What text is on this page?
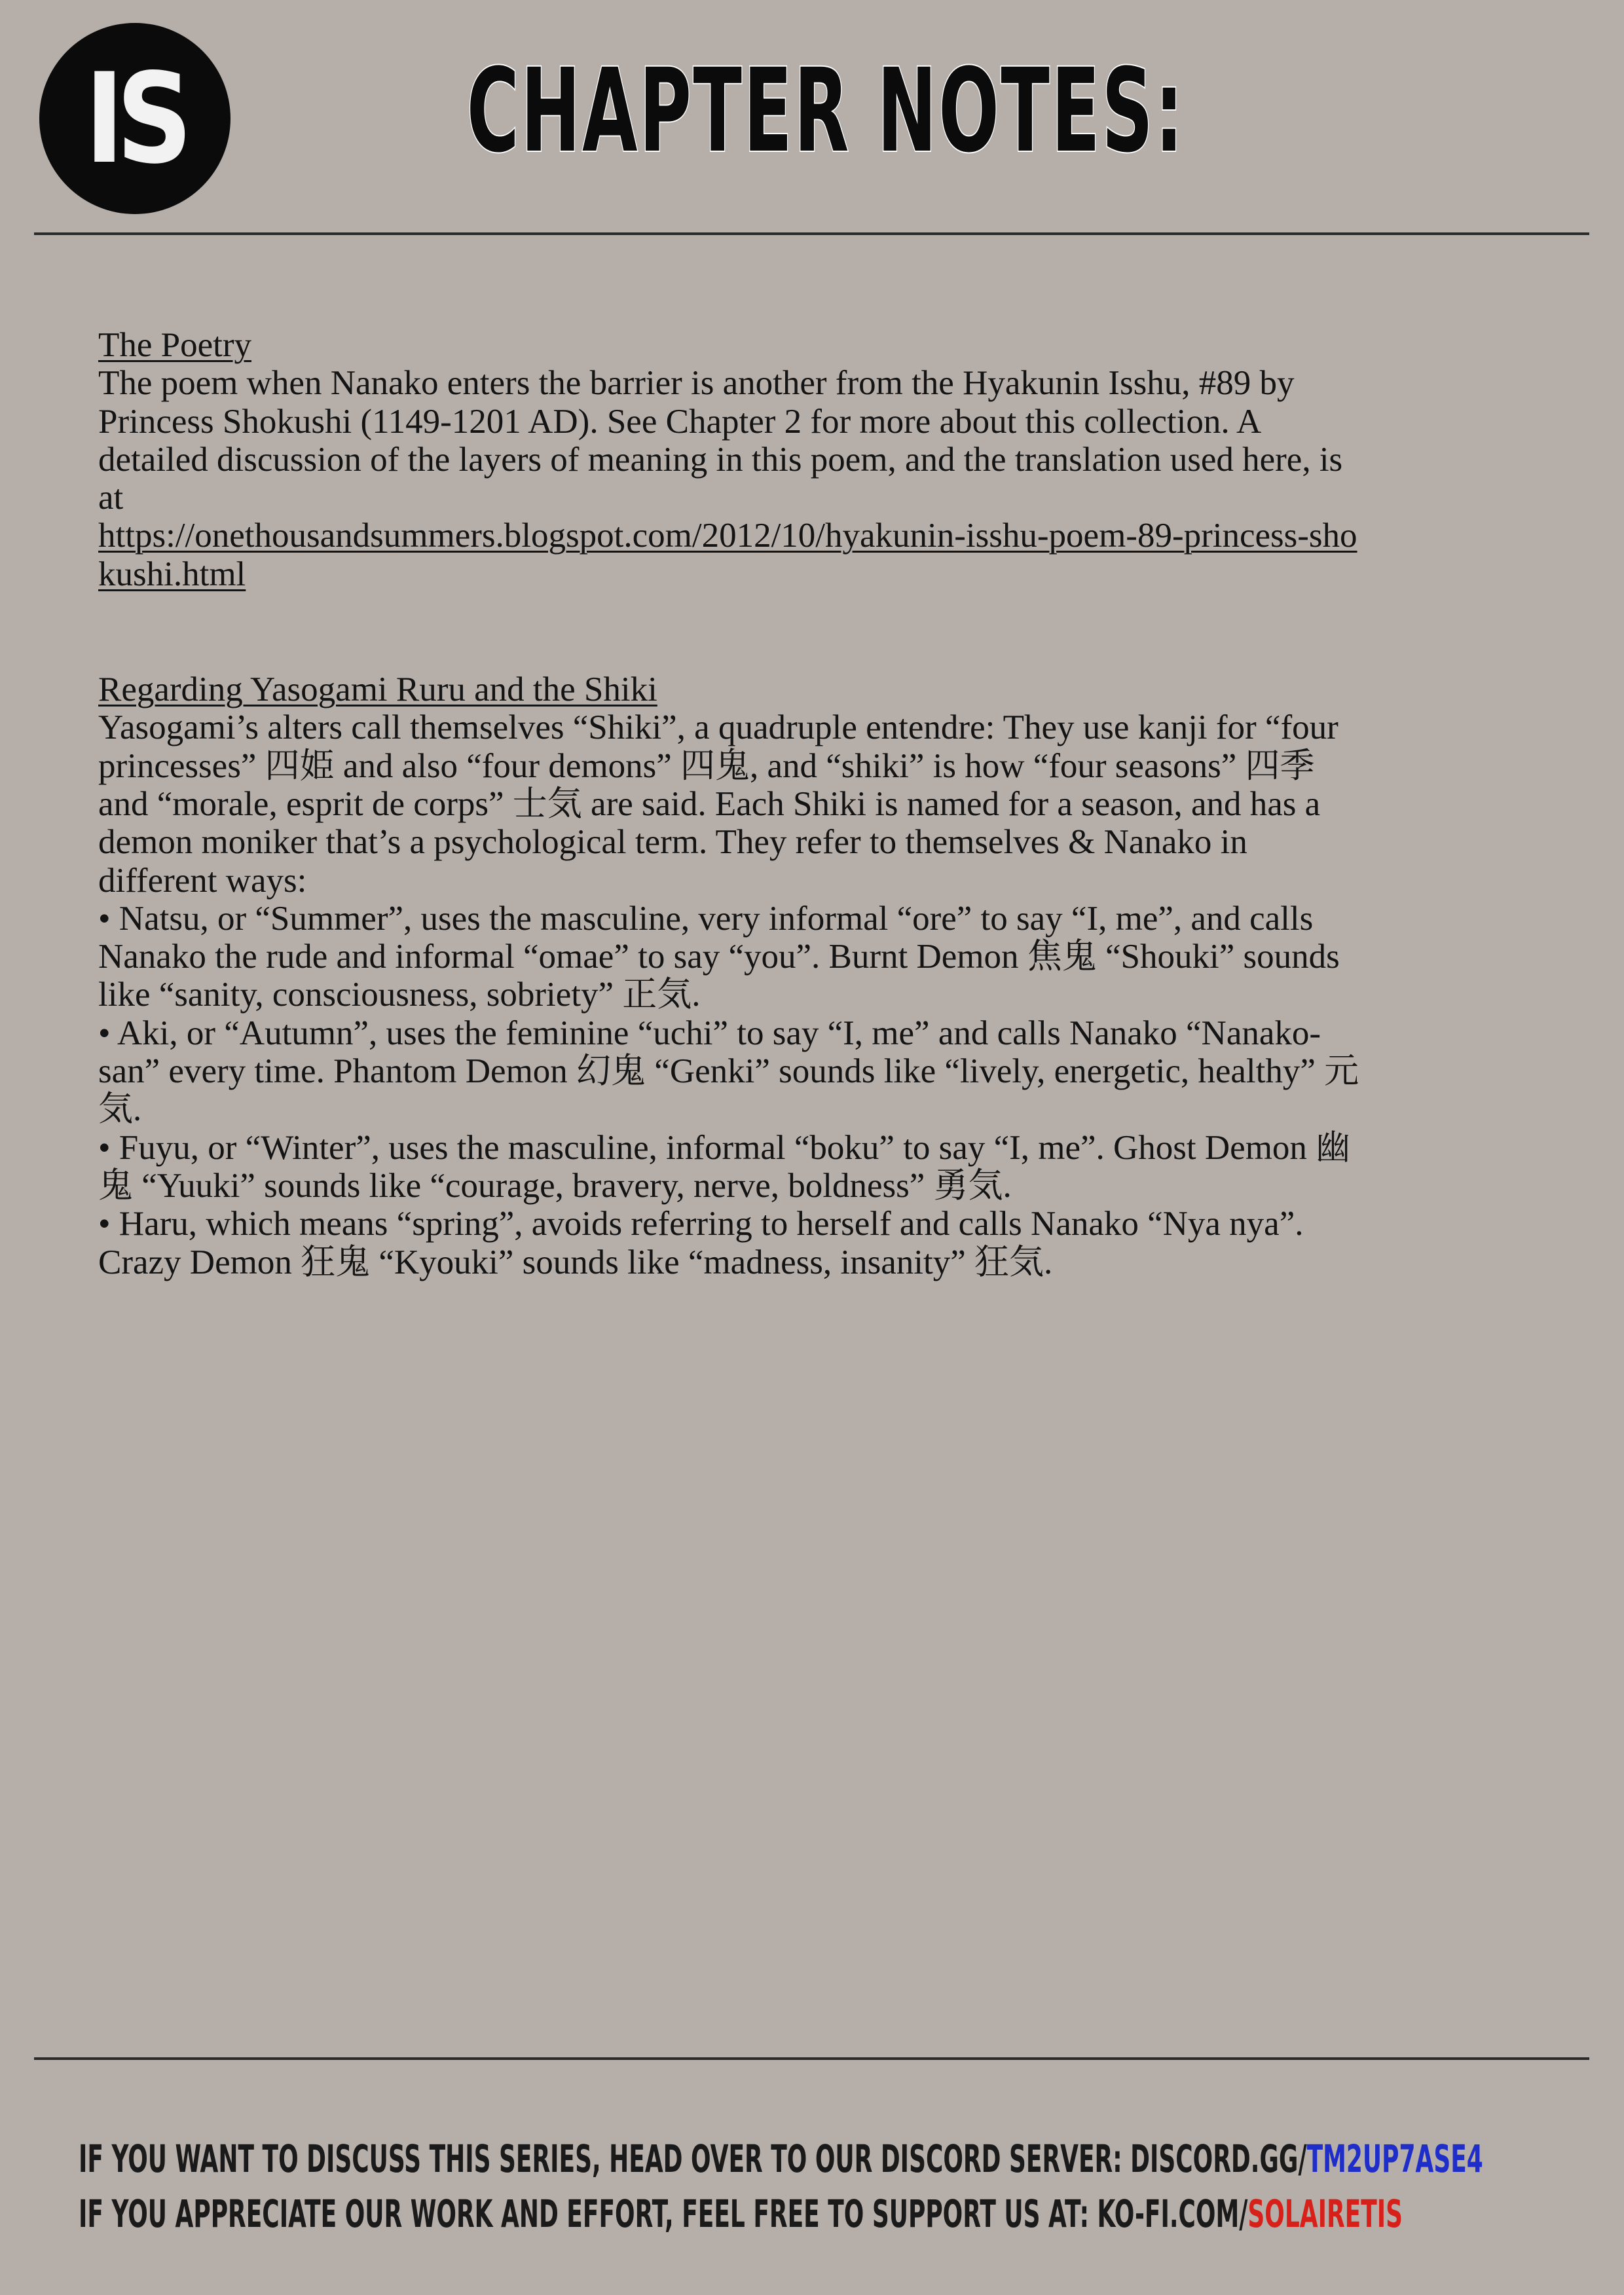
IS	CHAPTER NOTES:

The Poetry

The poem when Nanako enters the barrier is another from the Hyakunin Isshu, #89 by Princess Shokushi (1149-1201 AD). See Chapter 2 for more about this collection. A detailed discussion of the layers of meaning in this poem, and the translation used here, is at

https://onethousandsummers.blogspot.com/2012/10/hyakunin-isshu-poem-89-princess-shokushi.html

Regarding Yasogami Ruru and the Shiki

Yasogami’s alters call themselves “Shiki”, a quadruple entendre: They use kanji for “four princesses” 四姫 and also “four demons” 四鬼, and “shiki” is how “four seasons” 四季 and “morale, esprit de corps” 士気 are said. Each Shiki is named for a season, and has a demon moniker that’s a psychological term. They refer to themselves & Nanako in different ways:

• Natsu, or “Summer”, uses the masculine, very informal “ore” to say “I, me”, and calls Nanako the rude and informal “omae” to say “you”. Burnt Demon 焦鬼 “Shouki” sounds like “sanity, consciousness, sobriety” 正気.

• Aki, or “Autumn”, uses the feminine “uchi” to say “I, me” and calls Nanako “Nanako-san” every time. Phantom Demon 幻鬼 “Genki” sounds like “lively, energetic, healthy” 元気.

• Fuyu, or “Winter”, uses the masculine, informal “boku” to say “I, me”. Ghost Demon 幽鬼 “Yuuki” sounds like “courage, bravery, nerve, boldness” 勇気.

• Haru, which means “spring”, avoids referring to herself and calls Nanako “Nya nya”. Crazy Demon 狂鬼 “Kyouki” sounds like “madness, insanity” 狂気.

IF YOU WANT TO DISCUSS THIS SERIES, HEAD OVER TO OUR DISCORD SERVER: DISCORD.GG/TM2UP7ASE4
IF YOU APPRECIATE OUR WORK AND EFFORT, FEEL FREE TO SUPPORT US AT: KO-FI.COM/SOLAIRETIS
